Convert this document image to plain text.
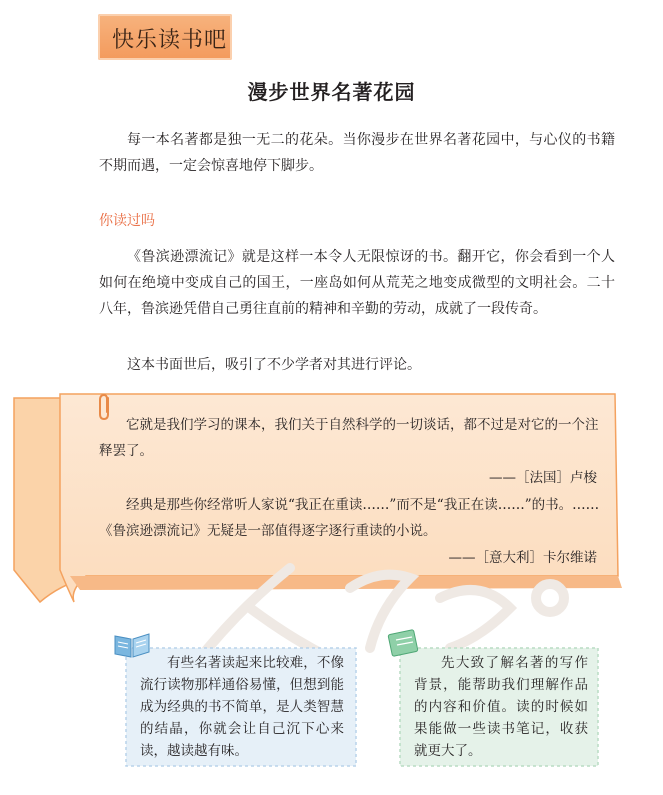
快乐读书吧
漫步世界名著花园

每一本名著都是独一无二的花朵。当你漫步在世界名著花园中，与心仪的书籍不期而遇，一定会惊喜地停下脚步。

你读过吗

《鲁滨逊漂流记》就是这样一本令人无限惊讶的书。翻开它，你会看到一个人如何在绝境中变成自己的国王，一座岛如何从荒芜之地变成微型的文明社会。二十八年，鲁滨逊凭借自己勇往直前的精神和辛勤的劳动，成就了一段传奇。

这本书面世后，吸引了不少学者对其进行评论。

它就是我们学习的课本，我们关于自然科学的一切谈话，都不过是对它的一个注释罢了。

——［法国］卢梭

经典是那些你经常听人家说“我正在重读……”而不是“我正在读……”的书。……《鲁滨逊漂流记》无疑是一部值得逐字逐行重读的小说。

——［意大利］卡尔维诺

有些名著读起来比较难，不像流行读物那样通俗易懂，但想到能成为经典的书不简单，是人类智慧的结晶，你就会让自己沉下心来读，越读越有味。

先大致了解名著的写作背景，能帮助我们理解作品的内容和价值。读的时候如果能做一些读书笔记，收获就更大了。
